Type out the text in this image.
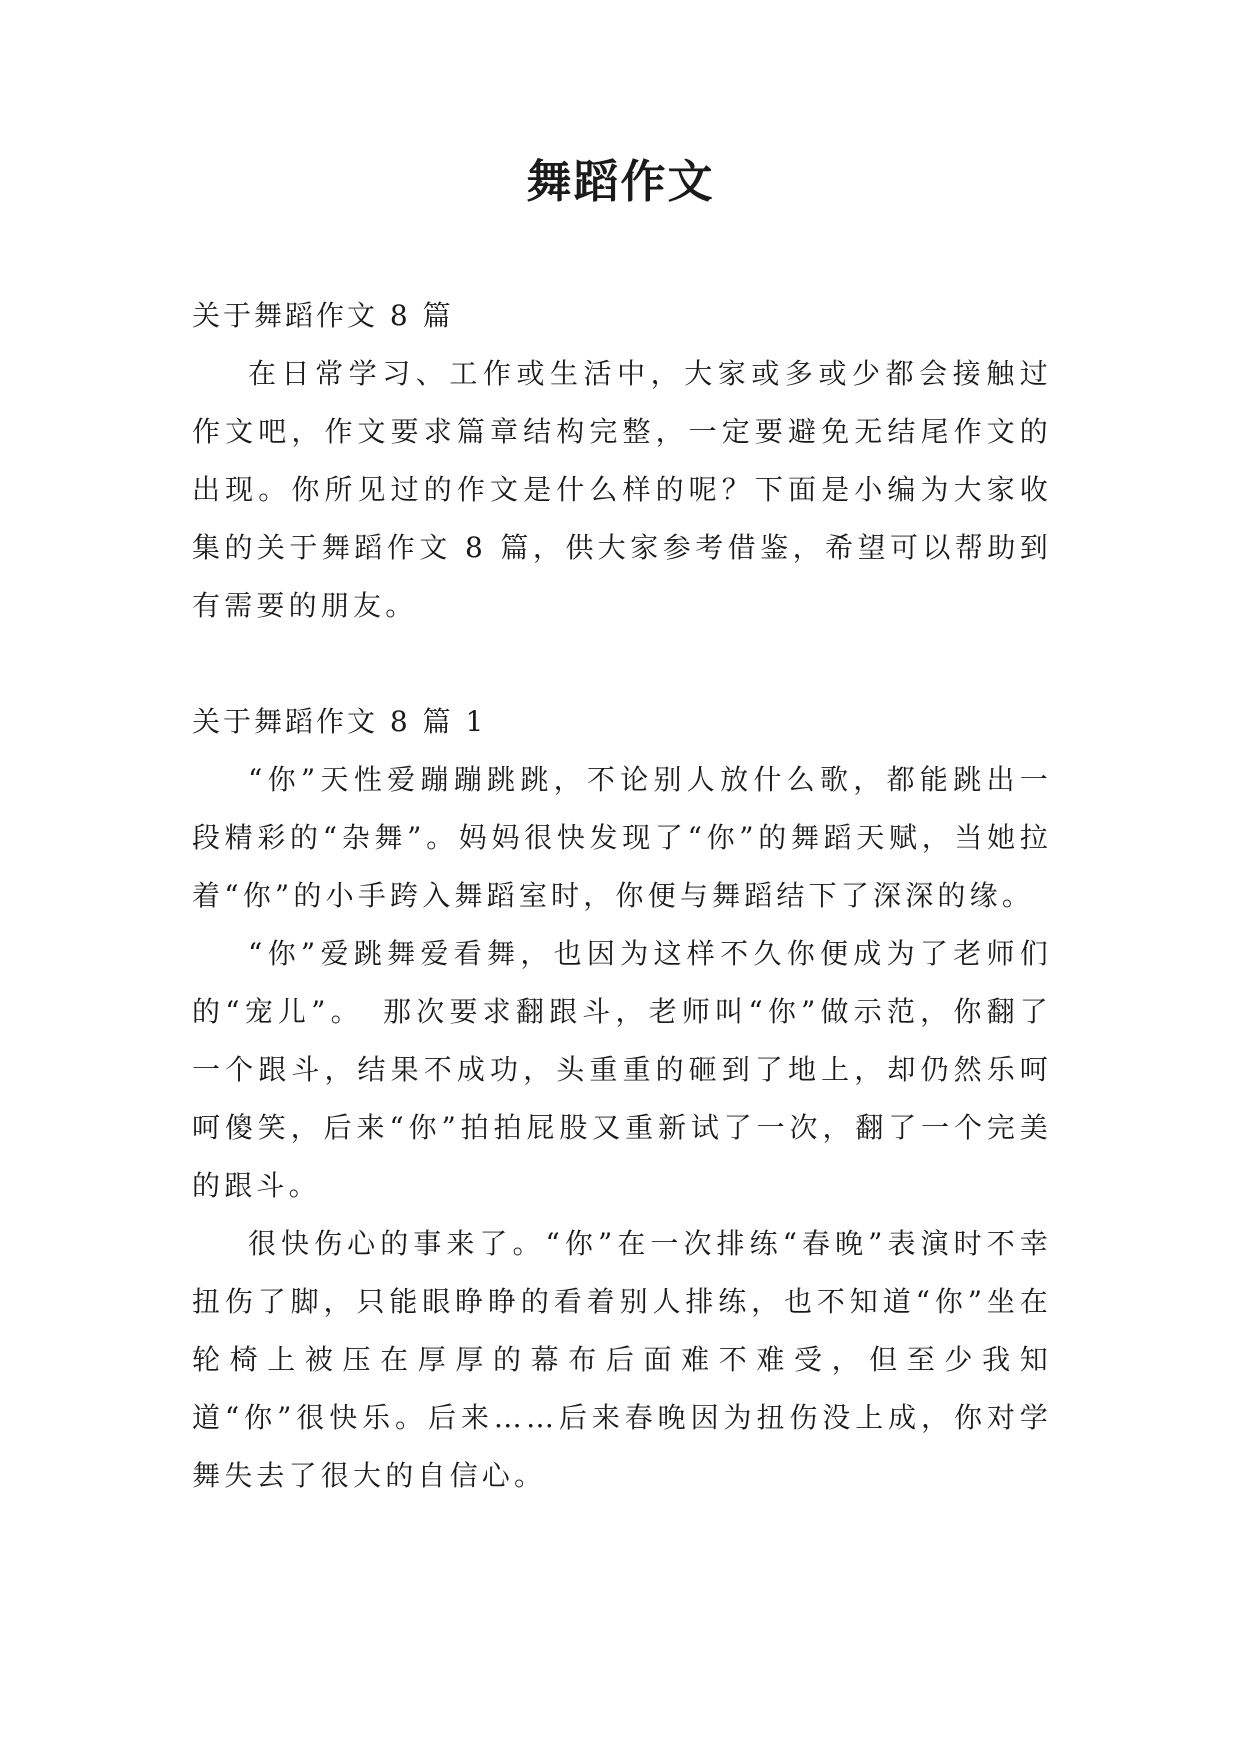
舞蹈作文

关于舞蹈作文 8 篇

在日常学习、工作或生活中，大家或多或少都会接触过作文吧，作文要求篇章结构完整，一定要避免无结尾作文的出现。你所见过的作文是什么样的呢？下面是小编为大家收集的关于舞蹈作文 8 篇，供大家参考借鉴，希望可以帮助到有需要的朋友。

关于舞蹈作文 8 篇 1

“你”天性爱蹦蹦跳跳，不论别人放什么歌，都能跳出一段精彩的“杂舞”。妈妈很快发现了“你”的舞蹈天赋，当她拉着“你”的小手跨入舞蹈室时，你便与舞蹈结下了深深的缘。

“你”爱跳舞爱看舞，也因为这样不久你便成为了老师们的“宠儿”。　那次要求翻跟斗，老师叫“你”做示范，你翻了一个跟斗，结果不成功，头重重的砸到了地上，却仍然乐呵呵傻笑，后来“你”拍拍屁股又重新试了一次，翻了一个完美的跟斗。

很快伤心的事来了。“你”在一次排练“春晚”表演时不幸扭伤了脚，只能眼睁睁的看着别人排练，也不知道“你”坐在轮椅上被压在厚厚的幕布后面难不难受，但至少我知道“你”很快乐。后来……后来春晚因为扭伤没上成，你对学舞失去了很大的自信心。
